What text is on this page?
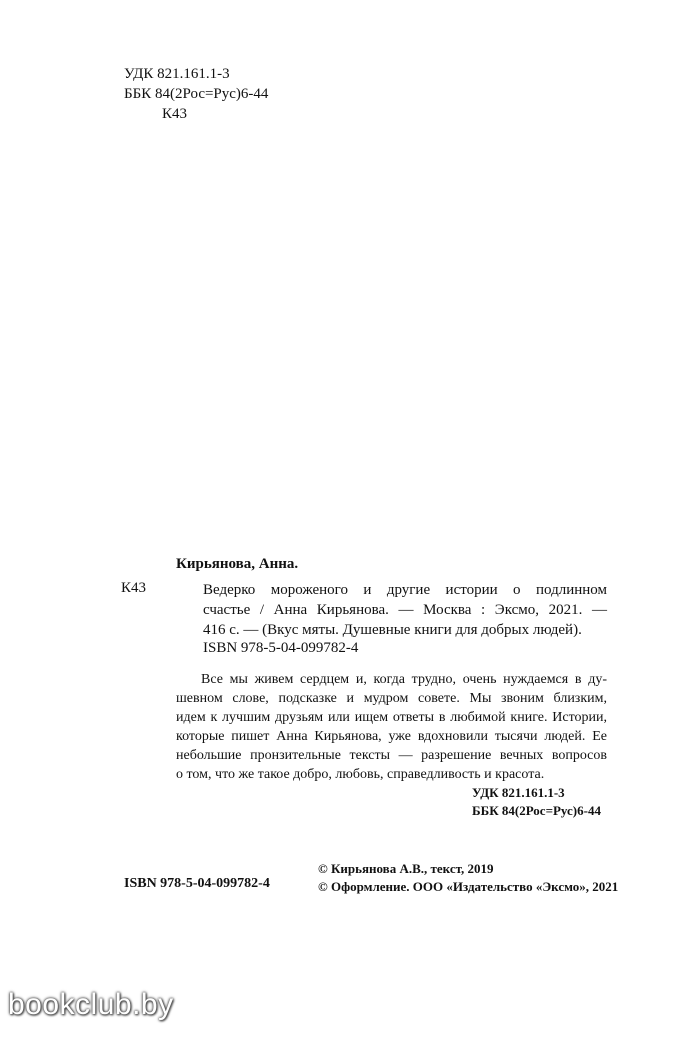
УДК 821.161.1-3
ББК 84(2Рос=Рус)6-44
К43
Кирьянова, Анна.
К43	Ведерко мороженого и другие истории о подлинном
счастье / Анна Кирьянова. — Москва : Эксмо, 2021. —
416 с. — (Вкус мяты. Душевные книги для добрых людей).
ISBN 978-5-04-099782-4
Все мы живем сердцем и, когда трудно, очень нуждаемся в ду-
шевном слове, подсказке и мудром совете. Мы звоним близким,
идем к лучшим друзьям или ищем ответы в любимой книге. Истории,
которые пишет Анна Кирьянова, уже вдохновили тысячи людей. Ее
небольшие пронзительные тексты — разрешение вечных вопросов
о том, что же такое добро, любовь, справедливость и красота.
УДК 821.161.1-3
ББК 84(2Рос=Рус)6-44
ISBN 978-5-04-099782-4
© Кирьянова А.В., текст, 2019
© Оформление. ООО «Издательство «Эксмо», 2021
bookclub.by
